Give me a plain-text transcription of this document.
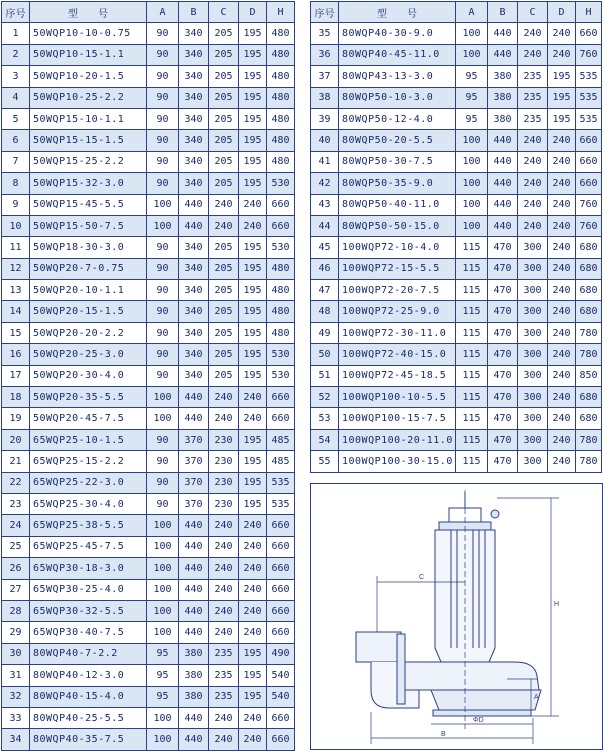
序号	型　　号	A	B	C	D	H
1	50WQP10-10-0.75	90	340	205	195	480
2	50WQP10-15-1.1	90	340	205	195	480
3	50WQP10-20-1.5	90	340	205	195	480
4	50WQP10-25-2.2	90	340	205	195	480
5	50WQP15-10-1.1	90	340	205	195	480
6	50WQP15-15-1.5	90	340	205	195	480
7	50WQP15-25-2.2	90	340	205	195	480
8	50WQP15-32-3.0	90	340	205	195	530
9	50WQP15-45-5.5	100	440	240	240	660
10	50WQP15-50-7.5	100	440	240	240	660
11	50WQP18-30-3.0	90	340	205	195	530
12	50WQP20-7-0.75	90	340	205	195	480
13	50WQP20-10-1.1	90	340	205	195	480
14	50WQP20-15-1.5	90	340	205	195	480
15	50WQP20-20-2.2	90	340	205	195	480
16	50WQP20-25-3.0	90	340	205	195	530
17	50WQP20-30-4.0	90	340	205	195	530
18	50WQP20-35-5.5	100	440	240	240	660
19	50WQP20-45-7.5	100	440	240	240	660
20	65WQP25-10-1.5	90	370	230	195	485
21	65WQP25-15-2.2	90	370	230	195	485
22	65WQP25-22-3.0	90	370	230	195	535
23	65WQP25-30-4.0	90	370	230	195	535
24	65WQP25-38-5.5	100	440	240	240	660
25	65WQP25-45-7.5	100	440	240	240	660
26	65WQP30-18-3.0	100	440	240	240	660
27	65WQP30-25-4.0	100	440	240	240	660
28	65WQP30-32-5.5	100	440	240	240	660
29	65WQP30-40-7.5	100	440	240	240	660
30	80WQP40-7-2.2	95	380	235	195	490
31	80WQP40-12-3.0	95	380	235	195	540
32	80WQP40-15-4.0	95	380	235	195	540
33	80WQP40-25-5.5	100	440	240	240	660
34	80WQP40-35-7.5	100	440	240	240	660
序号	型　　号	A	B	C	D	H
35	80WQP40-30-9.0	100	440	240	240	660
36	80WQP40-45-11.0	100	440	240	240	760
37	80WQP43-13-3.0	95	380	235	195	535
38	80WQP50-10-3.0	95	380	235	195	535
39	80WQP50-12-4.0	95	380	235	195	535
40	80WQP50-20-5.5	100	440	240	240	660
41	80WQP50-30-7.5	100	440	240	240	660
42	80WQP50-35-9.0	100	440	240	240	660
43	80WQP50-40-11.0	100	440	240	240	760
44	80WQP50-50-15.0	100	440	240	240	760
45	100WQP72-10-4.0	115	470	300	240	680
46	100WQP72-15-5.5	115	470	300	240	680
47	100WQP72-20-7.5	115	470	300	240	680
48	100WQP72-25-9.0	115	470	300	240	680
49	100WQP72-30-11.0	115	470	300	240	780
50	100WQP72-40-15.0	115	470	300	240	780
51	100WQP72-45-18.5	115	470	300	240	850
52	100WQP100-10-5.5	115	470	300	240	680
53	100WQP100-15-7.5	115	470	300	240	680
54	100WQP100-20-11.0	115	470	300	240	780
55	100WQP100-30-15.0	115	470	300	240	780
C
H
A
ΦD
B
